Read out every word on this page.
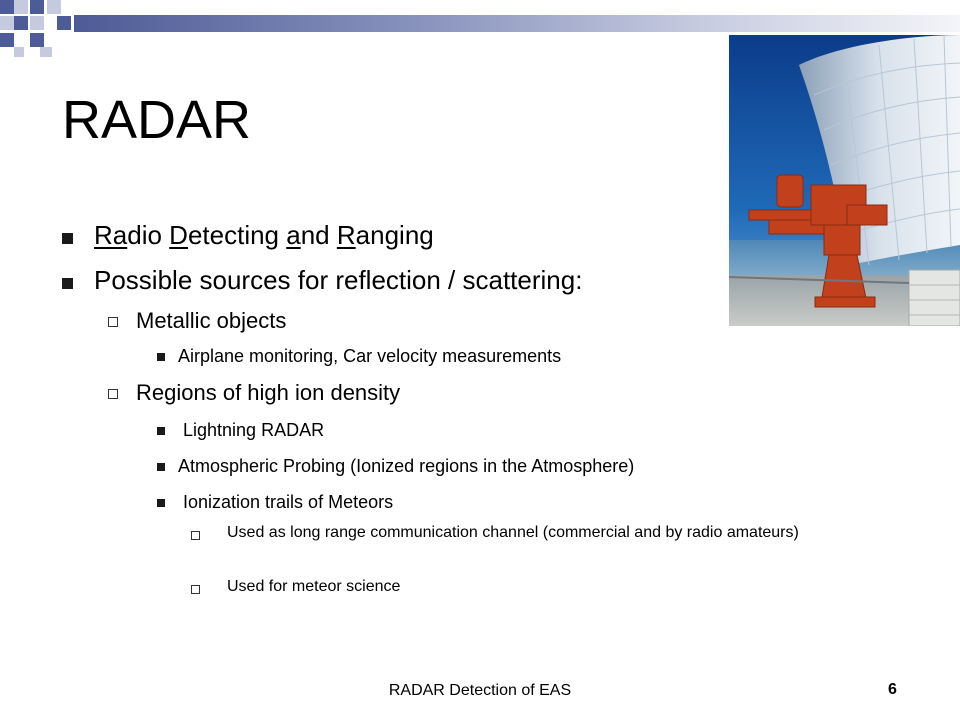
RADAR
Radio Detecting and Ranging
Possible sources for reflection / scattering:
Metallic objects
Airplane monitoring, Car velocity measurements
Regions of high ion density
Lightning RADAR
Atmospheric Probing (Ionized regions in the Atmosphere)
Ionization trails of Meteors
Used as long range communication channel (commercial and by radio amateurs)
Used for meteor science
RADAR Detection of EAS	6
